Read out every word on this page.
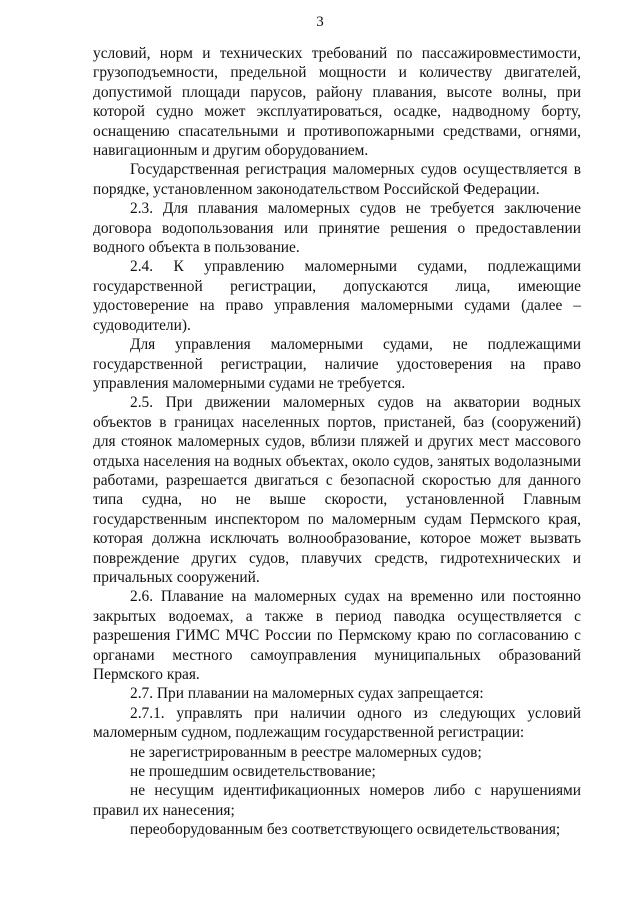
3

условий, норм и технических требований по пассажировместимости, грузоподъемности, предельной мощности и количеству двигателей, допустимой площади парусов, району плавания, высоте волны, при которой судно может эксплуатироваться, осадке, надводному борту, оснащению спасательными и противопожарными средствами, огнями, навигационным и другим оборудованием.

Государственная регистрация маломерных судов осуществляется в порядке, установленном законодательством Российской Федерации.

2.3. Для плавания маломерных судов не требуется заключение договора водопользования или принятие решения о предоставлении водного объекта в пользование.

2.4. К управлению маломерными судами, подлежащими государственной регистрации, допускаются лица, имеющие удостоверение на право управления маломерными судами (далее – судоводители).

Для управления маломерными судами, не подлежащими государственной регистрации, наличие удостоверения на право управления маломерными судами не требуется.

2.5. При движении маломерных судов на акватории водных объектов в границах населенных портов, пристаней, баз (сооружений) для стоянок маломерных судов, вблизи пляжей и других мест массового отдыха населения на водных объектах, около судов, занятых водолазными работами, разрешается двигаться с безопасной скоростью для данного типа судна, но не выше скорости, установленной Главным государственным инспектором по маломерным судам Пермского края, которая должна исключать волнообразование, которое может вызвать повреждение других судов, плавучих средств, гидротехнических и причальных сооружений.

2.6. Плавание на маломерных судах на временно или постоянно закрытых водоемах, а также в период паводка осуществляется с разрешения ГИМС МЧС России по Пермскому краю по согласованию с органами местного самоуправления муниципальных образований Пермского края.

2.7. При плавании на маломерных судах запрещается:

2.7.1. управлять при наличии одного из следующих условий маломерным судном, подлежащим государственной регистрации:

не зарегистрированным в реестре маломерных судов;

не прошедшим освидетельствование;

не несущим идентификационных номеров либо с нарушениями правил их нанесения;

переоборудованным без соответствующего освидетельствования;
